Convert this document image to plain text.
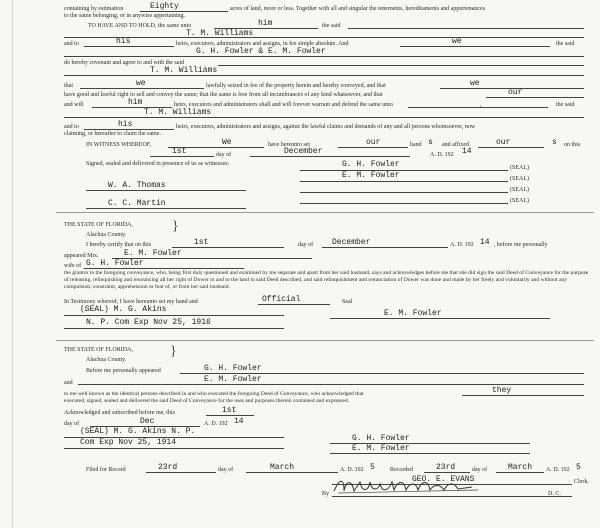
containing by estimation	Eighty	acres of land, more or less. Together with all and singular the tenements, hereditaments and appurtenances
to the same belonging, or in anywise appertaining.
TO HAVE AND TO HOLD, the same unto	him	the said
T. M. Williams
and to	his	heirs, executors, administrators and assigns, in fee simple absolute. And	we	the said
G. H. Fowler & E. M. Fowler
do hereby covenant and agree to and with the said
T. M. Williams
that	we	lawfully seized in fee of the property herein and hereby conveyed, and that	we
have good and lawful right to sell and convey the same; that the same is free from all incumbrances of any kind whatsoever, and that	our
and will	him	heirs, executors and administrators shall and will forever warrant and defend the same unto	,	the said
T. M. Williams
and to	his	heirs, executors, administrators and assigns, against the lawful claims and demands of any and all persons whomsoever, now
claiming, or hereafter to claim the same.
IN WITNESS WHEREOF,	We	have hereunto set	our	hand s and affixed	our	s on this
1st	day of	December	A. D. 192 14
Signed, sealed and delivered in presence of us as witnesses:	G. H. Fowler	(SEAL)
E. M. Fowler	(SEAL)
W. A. Thomas	(SEAL)
C. C. Martin	(SEAL)
THE STATE OF FLORIDA,
Alachua County.
}
I hereby certify that on this	1st	day of December	A. D. 192 14 , before me personally
appeared Mrs.	E. M. Fowler
wife of G. H. Fowler
the grantor in the foregoing conveyance, who, being first duly questioned and examined by me separate and apart from her said husband, says and acknowledges before me that she did sign the said Deed of Conveyance for the purpose of releasing, relinquishing and renouncing all her right of Dower in and to the land in said Deed described, and said relinquishment and renunciation of Dower was done and made by her freely and voluntarily and without any compulsion, constraint, apprehension or fear of, or from her said husband.
In Testimony whereof, I have hereunto set my hand and	Official	Seal
(SEAL) M. G. Akins
N. P. Com Exp Nov 25, 1916
E. M. Fowler
THE STATE OF FLORIDA,
Alachua County.
}
Before me personally appeared	G. H. Fowler
and	E. M. Fowler
to me well known as the identical persons described in and who executed the foregoing Deed of Conveyance, who acknowledged that	they
executed, signed, sealed and delivered the said Deed of Conveyance for the uses and purposes therein contained and expressed.
Acknowledged and subscribed before me, this	1st
day of	Dec	A. D. 192 14
(SEAL) M. G. Akins N. P.
Com Exp Nov 25, 1914	G. H. Fowler
E. M. Fowler
Filed for Record	23rd	day of	March	A. D. 192 5	Recorded	23rd	day of	March A. D. 192 5
GEO. E. EVANS	Clerk.
By	D. C.
